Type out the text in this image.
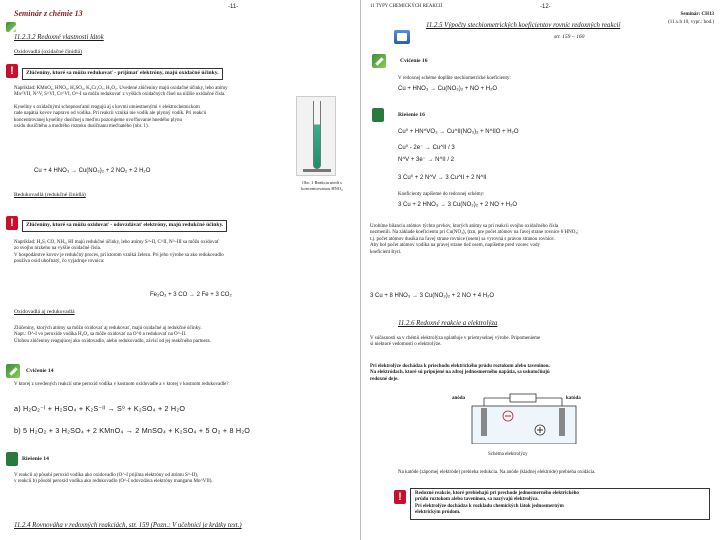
Seminár z chémie 13
-11-
11.2.3.2 Redoxné vlastnosti látok
Oxidovadlá (oxidačné činidlá)
!	Zlúčeniny, ktoré sa môžu redukovať - prijímať elektróny, majú oxidačné účinky.
Napríklad: KMnO₄, HNO₃, H₂SO₄, K₂Cr₂O₇, H₂O₂. Uvedené zlúčeniny majú oxidačné účinky, lebo atómy
Mn^VII, N^V, S^VI, Cr^VI, O^-I sa môžu redukovať z vyšších oxidačných čísel na nižšie oxidačné čísla.
Kyseliny s oxidačnými schopnosťami reagujú aj s kovmi umiestnenými v elektrochemickom
rade napätia kovov napravo od vodíka. Pri reakcii vzniká nie vodík ale plynný vodík. Pri reakcii
koncentrovanej kyseliny dusičnej s meďou pozorujeme uvoľňovanie hnedého plynu
oxidu dusičitého a modrého roztoku dusičnanu meďnatého (obr. 1).
Cu + 4 HNO₃ → Cu(NO₃)₂ + 2 NO₂ + 2 H₂O
Obr. 1 Reakcia medi s koncentrovanou HNO₃
Redukovadlá (redukčné činidlá)
!	Zlúčeniny, ktoré sa môžu oxidovať - odovzdávať elektróny, majú redukčné účinky.
Napríklad: H₂S, CO, NH₃, HI majú redukčné účinky, lebo atómy S^-II, C^II, N^-III sa môžu oxidovať
zo svojho nízkeho na vyššie oxidačné čísla.
V hospodárstve kovov je redukčný proces, pri ktorom vzniká železo. Pri jeho výrobe sa ako redukovadlo
používa oxid uhoľnatý, čo vyjadruje rovnica:
Fe₂O₃ + 3 CO → 2 Fe + 3 CO₂
Oxidovadlá aj redukovadlá
Zlúčeniny, ktorých atómy sa môžu oxidovať aj redukovať, majú oxidačné aj redukčné účinky.
Napr.: O^-I vo peroxide vodíka H₂O₂ sa môže oxidovať na O^0 a redukovať na O^-II.
Úlohou zlúčeniny reagujúcej ako oxidovadlo, alebo redukovadlo, závisí od jej reakčného partnera.
Cvičenie 14
V ktorej z uvedených reakcií sme peroxid vodíka v kostnom oxidovadle a v ktorej v kostnom redukovadle?
a) H₂O₂⁻ᴵ + H₂SO₄ + K₂S⁻ᴵᴵ → S⁰ + K₂SO₄ + 2 H₂O
b) 5 H₂O₂ + 3 H₂SO₄ + 2 KMnO₄ → 2 MnSO₄ + K₂SO₄ + 5 O₂ + 8 H₂O
Riešenie 14
V reakcii a) pôsobí peroxid vodíka ako oxidovadlo (O^-I prijíma elektróny od atómu S^-II),
v reakcii b) pôsobí peroxid vodíka ako redukovadlo (O^-I odovzdáva elektróny manganu Mn^VII).
11.2.4 Rovnováha v redoxných reakciách, str. 159 (Pozn.: V učebnici je krátky text.)
11 TYPY CHEMICKÝCH REAKCIÍ	-12-
Seminár: CH13
(11.x.b 10, vypr.: hod.)
11.2.5 Výpočty stechiometrických koeficientov rovníc redoxných reakcií
str. 159 – 160
Cvičenie 16
V redoxnej schéme doplňte stechiometrické koeficienty:
Cu + HNO₃ → Cu(NO₃)₂ + NO + H₂O
Riešenie 16
Cu⁰ + HN^VO₃ → Cu^II(NO₃)₂ + N^IIO + H₂O
Cu⁰ - 2e⁻ → Cu^II / 3
N^V + 3e⁻ → N^II / 2
3 Cu⁰ + 2 N^V → 3 Cu^II + 2 N^II
Koeficienty zapíšeme do redoxnej schémy:
3 Cu + 2 HNO₃ → 3 Cu(NO₃)₂ + 2 NO + H₂O
Urobíme bilanciu atómov týchto prvkov, ktorých atómy sa pri reakcii svojho oxidačného čísla
nezmenili. Na základe koeficientu pri Cu(NO₃)₂ (tzn. pre počet atómov na ľavej strane rovnice 6 HNO₃;
t.j. počet atómov dusíka na ľavej strane rovnice (osem) sa vyrovná s pravou stranou rovnice.
Aby bol počet atómov vodíka na pravej strane tiež osem, napíšeme pred vzorec vody
koeficient štyri.
3 Cu + 8 HNO₃ → 3 Cu(NO₃)₂ + 2 NO + 4 H₂O
11.2.6 Redoxné reakcie a elektrolýza
V súčasnosti sa v chémii elektrolýza uplatňuje v priemyselnej výrobe. Pripomenieme
si niektoré vedomosti o elektrolýze.
Pri elektrolýze dochádza k priechodu elektrického prúdu roztokom alebo taveninou.
Na elektródach, ktoré sú pripojené na zdroj jednosmerného napätia, sa uskutočňujú
redoxné deje.
anóda	katóda
Schéma elektrolýzy
Na katóde (zápornej elektróde) prebieha redukcia. Na anóde (kladnej elektróde) prebieha oxidácia.
!	Redoxné reakcie, ktoré prebiehajú pri prechode jednosmerného elektrického
prúdu roztokom alebo taveninou, sa nazývajú elektrolýza.
Pri elektrolýze dochádza k rozkladu chemických látok jednosmerným
elektrickým prúdom.
